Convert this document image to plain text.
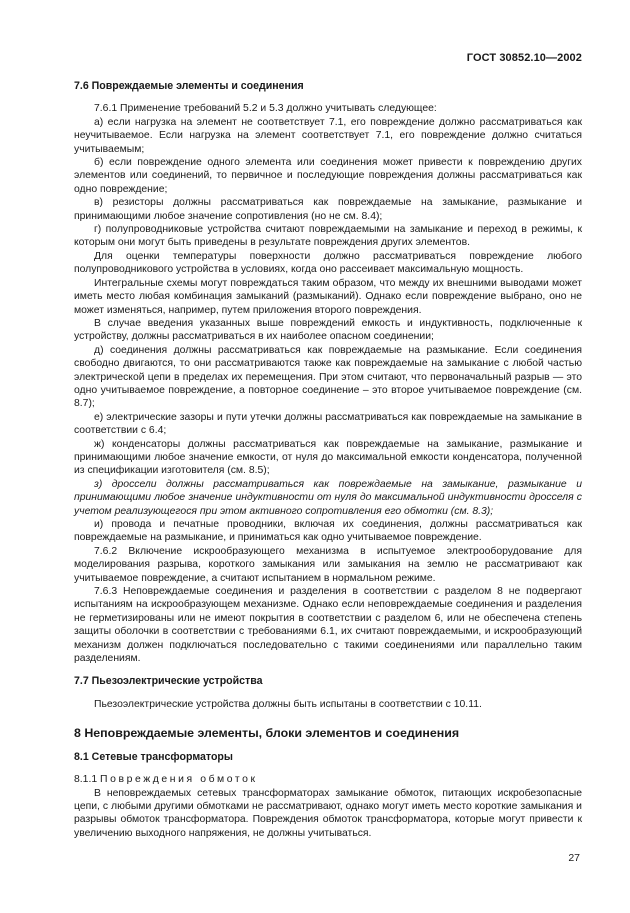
ГОСТ 30852.10—2002

7.6 Повреждаемые элементы и соединения

7.6.1 Применение требований 5.2 и 5.3 должно учитывать следующее:

а) если нагрузка на элемент не соответствует 7.1, его повреждение должно рассматриваться как неучитываемое. Если нагрузка на элемент соответствует 7.1, его повреждение должно считаться учитываемым;

б) если повреждение одного элемента или соединения может привести к повреждению других элементов или соединений, то первичное и последующие повреждения должны рассматриваться как одно повреждение;

в) резисторы должны рассматриваться как повреждаемые на замыкание, размыкание и принимающими любое значение сопротивления (но не см. 8.4);

г) полупроводниковые устройства считают повреждаемыми на замыкание и переход в режимы, к которым они могут быть приведены в результате повреждения других элементов.

Для оценки температуры поверхности должно рассматриваться повреждение любого полупроводникового устройства в условиях, когда оно рассеивает максимальную мощность.

Интегральные схемы могут повреждаться таким образом, что между их внешними выводами может иметь место любая комбинация замыканий (размыканий). Однако если повреждение выбрано, оно не может изменяться, например, путем приложения второго повреждения.

В случае введения указанных выше повреждений емкость и индуктивность, подключенные к устройству, должны рассматриваться в их наиболее опасном соединении;

д) соединения должны рассматриваться как повреждаемые на размыкание. Если соединения свободно двигаются, то они рассматриваются также как повреждаемые на замыкание с любой частью электрической цепи в пределах их перемещения. При этом считают, что первоначальный разрыв — это одно учитываемое повреждение, а повторное соединение – это второе учитываемое повреждение (см. 8.7);

е) электрические зазоры и пути утечки должны рассматриваться как повреждаемые на замыкание в соответствии с 6.4;

ж) конденсаторы должны рассматриваться как повреждаемые на замыкание, размыкание и принимающими любое значение емкости, от нуля до максимальной емкости конденсатора, полученной из спецификации изготовителя (см. 8.5);

з) дроссели должны рассматриваться как повреждаемые на замыкание, размыкание и принимающими любое значение индуктивности от нуля до максимальной индуктивности дросселя с учетом реализующегося при этом активного сопротивления его обмотки (см. 8.3);

и) провода и печатные проводники, включая их соединения, должны рассматриваться как повреждаемые на размыкание, и приниматься как одно учитываемое повреждение.

7.6.2 Включение искрообразующего механизма в испытуемое электрооборудование для моделирования разрыва, короткого замыкания или замыкания на землю не рассматривают как учитываемое повреждение, а считают испытанием в нормальном режиме.

7.6.3 Неповреждаемые соединения и разделения в соответствии с разделом 8 не подвергают испытаниям на искрообразующем механизме. Однако если неповреждаемые соединения и разделения не герметизированы или не имеют покрытия в соответствии с разделом 6, или не обеспечена степень защиты оболочки в соответствии с требованиями 6.1, их считают повреждаемыми, и искрообразующий механизм должен подключаться последовательно с такими соединениями или параллельно таким разделениям.

7.7 Пьезоэлектрические устройства

Пьезоэлектрические устройства должны быть испытаны в соответствии с 10.11.

8 Неповреждаемые элементы, блоки элементов и соединения

8.1 Сетевые трансформаторы

8.1.1 Повреждения обмоток

В неповреждаемых сетевых трансформаторах замыкание обмоток, питающих искробезопасные цепи, с любыми другими обмотками не рассматривают, однако могут иметь место короткие замыкания и разрывы обмоток трансформатора. Повреждения обмоток трансформатора, которые могут привести к увеличению выходного напряжения, не должны учитываться.

27
